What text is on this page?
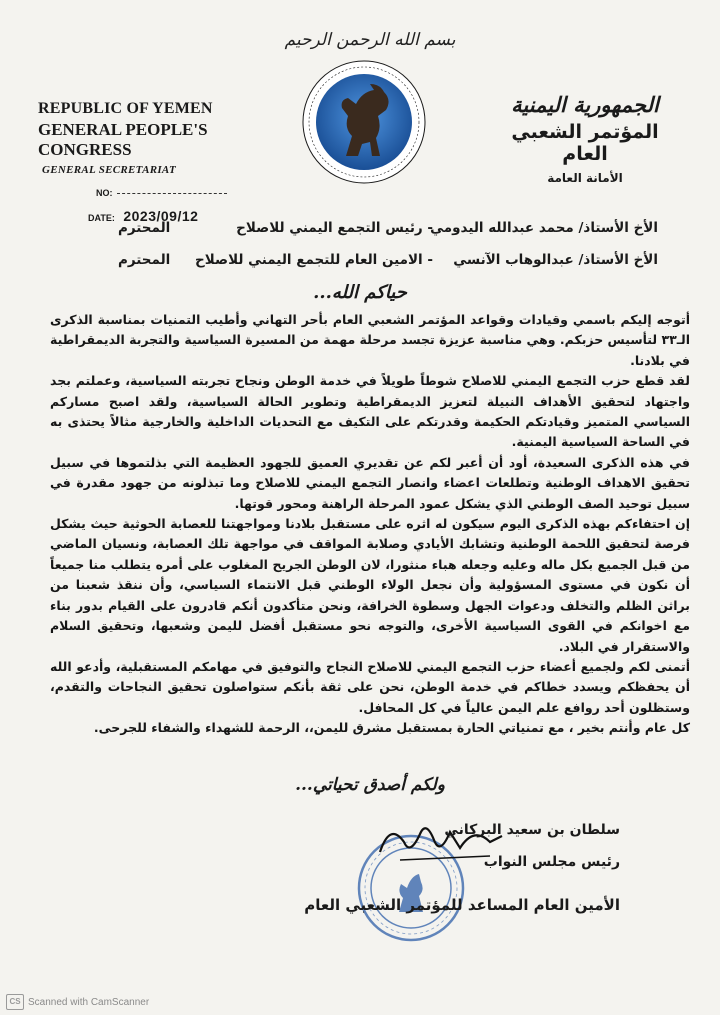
بسم الله الرحمن الرحيم
REPUBLIC OF YEMEN
GENERAL PEOPLE'S CONGRESS
GENERAL SECRETARIAT
NO:
DATE: 2023/09/12
الجمهورية اليمنية
المؤتمر الشعبي العام
الأمانة العامة
الأخ الأستاذ/ محمد عبدالله اليدومي
- رئيس التجمع اليمني للاصلاح
المحترم
الأخ الأستاذ/ عبدالوهاب الآنسي
- الامين العام للتجمع اليمني للاصلاح
المحترم
حياكم الله...

أتوجه إليكم باسمي وقيادات وقواعد المؤتمر الشعبي العام بأحر التهاني وأطيب التمنيات بمناسبة الذكرى الـ٣٣ لتأسيس حزبكم. وهي مناسبة عزيزة تجسد مرحلة مهمة من المسيرة السياسية والتجربة الديمقراطية في بلادنا.

لقد قطع حزب التجمع اليمني للاصلاح شوطاً طويلاً في خدمة الوطن ونجاح تجربته السياسية، وعملتم بجد واجتهاد لتحقيق الأهداف النبيلة لتعزيز الديمقراطية وتطوير الحالة السياسية، ولقد اصبح مساركم السياسي المتميز وقيادتكم الحكيمة وقدرتكم على التكيف مع التحديات الداخلية والخارجية مثالاً يحتذى به في الساحة السياسية اليمنية.

في هذه الذكرى السعيدة، أود أن أعبر لكم عن تقديري العميق للجهود العظيمة التي بذلتموها في سبيل تحقيق الاهداف الوطنية وتطلعات اعضاء وانصار التجمع اليمني للاصلاح وما تبذلونه من جهود مقدرة في سبيل توحيد الصف الوطني الذي يشكل عمود المرحلة الراهنة ومحور قوتها.

إن احتفاءكم بهذه الذكرى اليوم سيكون له اثره على مستقبل بلادنا ومواجهتنا للعصابة الحوثية حيث يشكل فرصة لتحقيق اللحمة الوطنية وتشابك الأيادي وصلابة المواقف في مواجهة تلك العصابة، ونسيان الماضي من قبل الجميع بكل ماله وعليه وجعله هباء منثورا، لان الوطن الجريح المغلوب على أمره يتطلب منا جميعاً أن نكون في مستوى المسؤولية وأن نجعل الولاء الوطني قبل الانتماء السياسي، وأن ننقذ شعبنا من براثن الظلم والتخلف ودعوات الجهل وسطوة الخرافة، ونحن متأكدون أنكم قادرون على القيام بدور بناء مع اخوانكم في القوى السياسية الأخرى، والتوجه نحو مستقبل أفضل لليمن وشعبها، وتحقيق السلام والاستقرار في البلاد.

أتمنى لكم ولجميع أعضاء حزب التجمع اليمني للاصلاح النجاح والتوفيق في مهامكم المستقبلية، وأدعو الله أن يحفظكم ويسدد خطاكم في خدمة الوطن، نحن على ثقة بأنكم ستواصلون تحقيق النجاحات والتقدم، وستظلون أحد روافع علم اليمن عالياً في كل المحافل.

كل عام وأنتم بخير ، مع تمنياتي الحارة بمستقبل مشرق لليمن،، الرحمة للشهداء والشفاء للجرحى.

ولكم أصدق تحياتي...
سلطان بن سعيد البركاني
رئيس مجلس النواب
الأمين العام المساعد للمؤتمر الشعبي العام
CS Scanned with CamScanner
